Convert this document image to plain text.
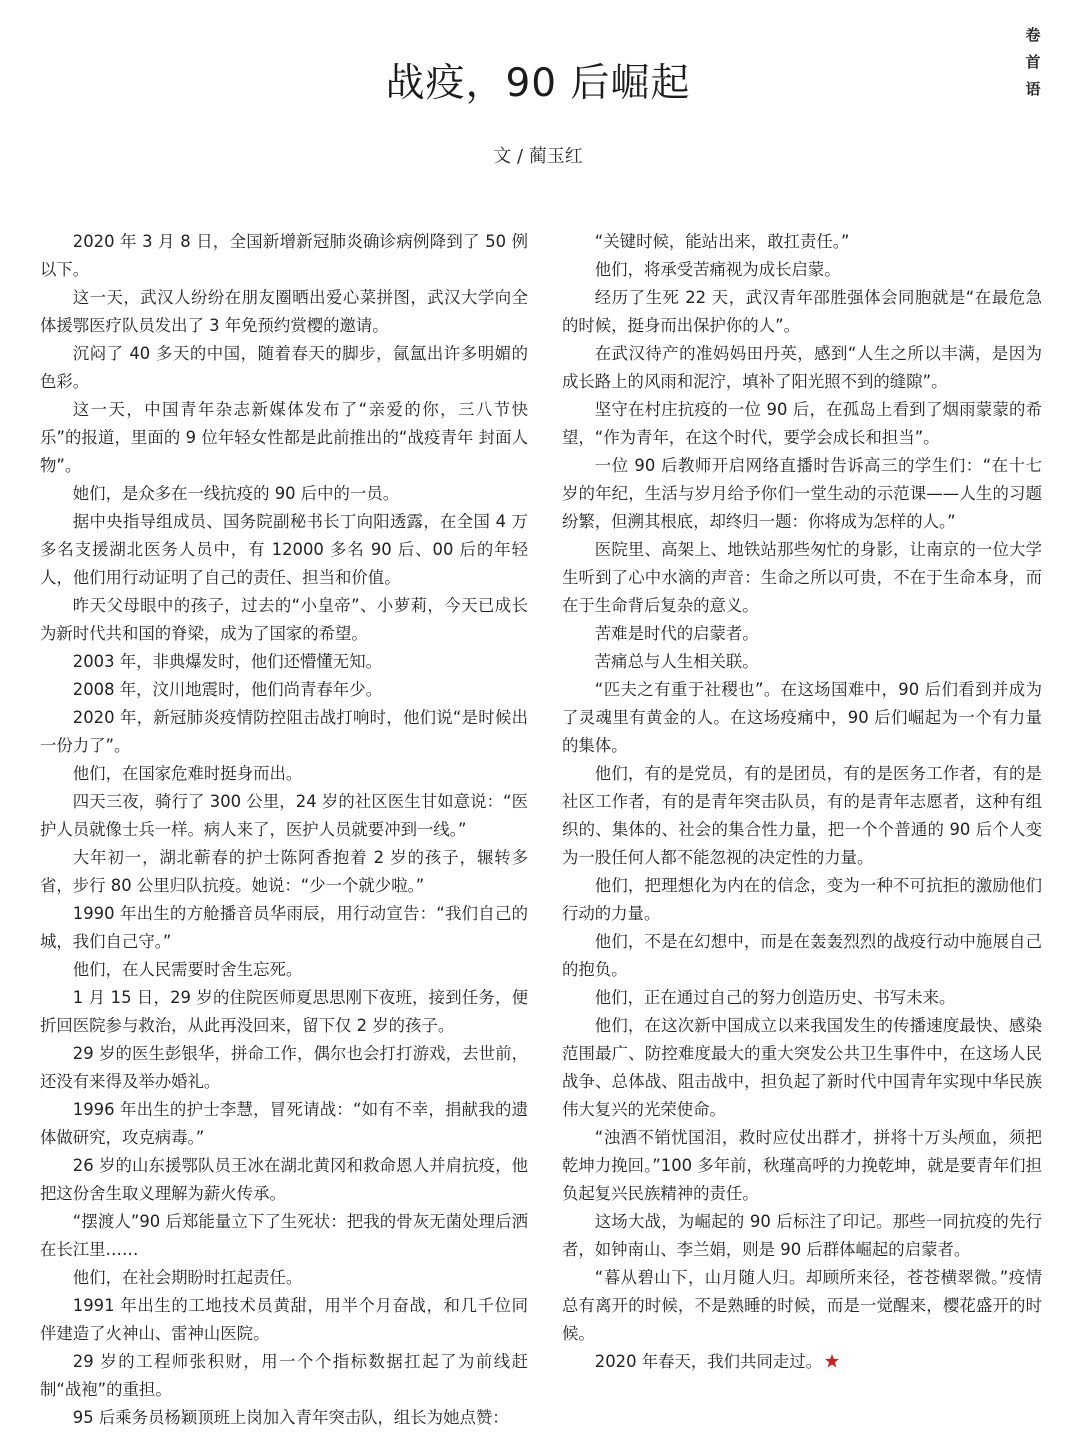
卷
首
语
战疫，90 后崛起
文 / 蔺玉红

2020 年 3 月 8 日，全国新增新冠肺炎确诊病例降到了 50 例以下。

这一天，武汉人纷纷在朋友圈晒出爱心菜拼图，武汉大学向全体援鄂医疗队员发出了 3 年免预约赏樱的邀请。

沉闷了 40 多天的中国，随着春天的脚步，氤氲出许多明媚的色彩。

这一天，中国青年杂志新媒体发布了“亲爱的你，三八节快乐”的报道，里面的 9 位年轻女性都是此前推出的“战疫青年 封面人物”。

她们，是众多在一线抗疫的 90 后中的一员。

据中央指导组成员、国务院副秘书长丁向阳透露，在全国 4 万多名支援湖北医务人员中，有 12000 多名 90 后、00 后的年轻人，他们用行动证明了自己的责任、担当和价值。

昨天父母眼中的孩子，过去的“小皇帝”、小萝莉，今天已成长为新时代共和国的脊梁，成为了国家的希望。

2003 年，非典爆发时，他们还懵懂无知。

2008 年，汶川地震时，他们尚青春年少。

2020 年，新冠肺炎疫情防控阻击战打响时，他们说“是时候出一份力了”。

他们，在国家危难时挺身而出。

四天三夜，骑行了 300 公里，24 岁的社区医生甘如意说：“医护人员就像士兵一样。病人来了，医护人员就要冲到一线。”

大年初一，湖北蕲春的护士陈阿香抱着 2 岁的孩子，辗转多省，步行 80 公里归队抗疫。她说：“少一个就少啦。”

1990 年出生的方舱播音员华雨辰，用行动宣告：“我们自己的城，我们自己守。”

他们，在人民需要时舍生忘死。

1 月 15 日，29 岁的住院医师夏思思刚下夜班，接到任务，便折回医院参与救治，从此再没回来，留下仅 2 岁的孩子。

29 岁的医生彭银华，拼命工作，偶尔也会打打游戏，去世前，还没有来得及举办婚礼。

1996 年出生的护士李慧，冒死请战：“如有不幸，捐献我的遗体做研究，攻克病毒。”

26 岁的山东援鄂队员王冰在湖北黄冈和救命恩人并肩抗疫，他把这份舍生取义理解为薪火传承。

“摆渡人”90 后郑能量立下了生死状：把我的骨灰无菌处理后洒在长江里……

他们，在社会期盼时扛起责任。

1991 年出生的工地技术员黄甜，用半个月奋战，和几千位同伴建造了火神山、雷神山医院。

29 岁的工程师张积财，用一个个指标数据扛起了为前线赶制“战袍”的重担。

95 后乘务员杨颖顶班上岗加入青年突击队，组长为她点赞：

“关键时候，能站出来，敢扛责任。”

他们，将承受苦痛视为成长启蒙。

经历了生死 22 天，武汉青年邵胜强体会同胞就是“在最危急的时候，挺身而出保护你的人”。

在武汉待产的准妈妈田丹英，感到“人生之所以丰满，是因为成长路上的风雨和泥泞，填补了阳光照不到的缝隙”。

坚守在村庄抗疫的一位 90 后，在孤岛上看到了烟雨蒙蒙的希望，“作为青年，在这个时代，要学会成长和担当”。

一位 90 后教师开启网络直播时告诉高三的学生们：“在十七岁的年纪，生活与岁月给予你们一堂生动的示范课——人生的习题纷繁，但溯其根底，却终归一题：你将成为怎样的人。”

医院里、高架上、地铁站那些匆忙的身影，让南京的一位大学生听到了心中水滴的声音：生命之所以可贵，不在于生命本身，而在于生命背后复杂的意义。

苦难是时代的启蒙者。

苦痛总与人生相关联。

“匹夫之有重于社稷也”。在这场国难中，90 后们看到并成为了灵魂里有黄金的人。在这场疫痛中，90 后们崛起为一个有力量的集体。

他们，有的是党员，有的是团员，有的是医务工作者，有的是社区工作者，有的是青年突击队员，有的是青年志愿者，这种有组织的、集体的、社会的集合性力量，把一个个普通的 90 后个人变为一股任何人都不能忽视的决定性的力量。

他们，把理想化为内在的信念，变为一种不可抗拒的激励他们行动的力量。

他们，不是在幻想中，而是在轰轰烈烈的战疫行动中施展自己的抱负。

他们，正在通过自己的努力创造历史、书写未来。

他们，在这次新中国成立以来我国发生的传播速度最快、感染范围最广、防控难度最大的重大突发公共卫生事件中，在这场人民战争、总体战、阻击战中，担负起了新时代中国青年实现中华民族伟大复兴的光荣使命。

“浊酒不销忧国泪，救时应仗出群才，拼将十万头颅血，须把乾坤力挽回。”100 多年前，秋瑾高呼的力挽乾坤，就是要青年们担负起复兴民族精神的责任。

这场大战，为崛起的 90 后标注了印记。那些一同抗疫的先行者，如钟南山、李兰娟，则是 90 后群体崛起的启蒙者。

“暮从碧山下，山月随人归。却顾所来径，苍苍横翠微。”疫情总有离开的时候，不是熟睡的时候，而是一觉醒来，樱花盛开的时候。

2020 年春天，我们共同走过。
